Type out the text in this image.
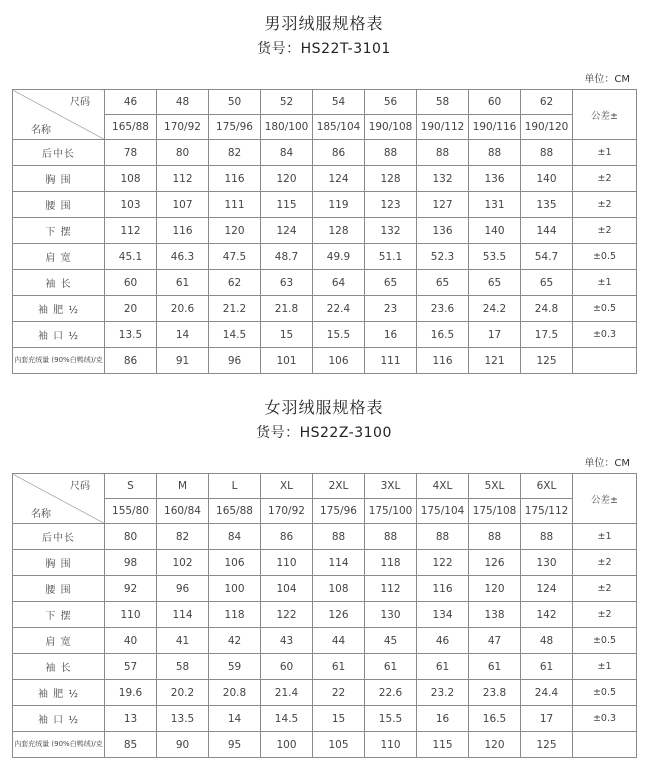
男羽绒服规格表
货号：HS22T-3101
单位：CM
尺码
名称	46	48	50	52	54	56	58	60	62	公差±
	165/88	170/92	175/96	180/100	185/104	190/108	190/112	190/116	190/120	
后中长	78	80	82	84	86	88	88	88	88	±1
胸 围	108	112	116	120	124	128	132	136	140	±2
腰 围	103	107	111	115	119	123	127	131	135	±2
下 摆	112	116	120	124	128	132	136	140	144	±2
肩 宽	45.1	46.3	47.5	48.7	49.9	51.1	52.3	53.5	54.7	±0.5
袖 长	60	61	62	63	64	65	65	65	65	±1
袖 肥 ½	20	20.6	21.2	21.8	22.4	23	23.6	24.2	24.8	±0.5
袖 口 ½	13.5	14	14.5	15	15.5	16	16.5	17	17.5	±0.3
内套充绒量 (90%白鸭绒)/克	86	91	96	101	106	111	116	121	125	
女羽绒服规格表
货号：HS22Z-3100
单位：CM
尺码
名称	S	M	L	XL	2XL	3XL	4XL	5XL	6XL	公差±
	155/80	160/84	165/88	170/92	175/96	175/100	175/104	175/108	175/112	
后中长	80	82	84	86	88	88	88	88	88	±1
胸 围	98	102	106	110	114	118	122	126	130	±2
腰 围	92	96	100	104	108	112	116	120	124	±2
下 摆	110	114	118	122	126	130	134	138	142	±2
肩 宽	40	41	42	43	44	45	46	47	48	±0.5
袖 长	57	58	59	60	61	61	61	61	61	±1
袖 肥 ½	19.6	20.2	20.8	21.4	22	22.6	23.2	23.8	24.4	±0.5
袖 口 ½	13	13.5	14	14.5	15	15.5	16	16.5	17	±0.3
内套充绒量 (90%白鸭绒)/克	85	90	95	100	105	110	115	120	125	
